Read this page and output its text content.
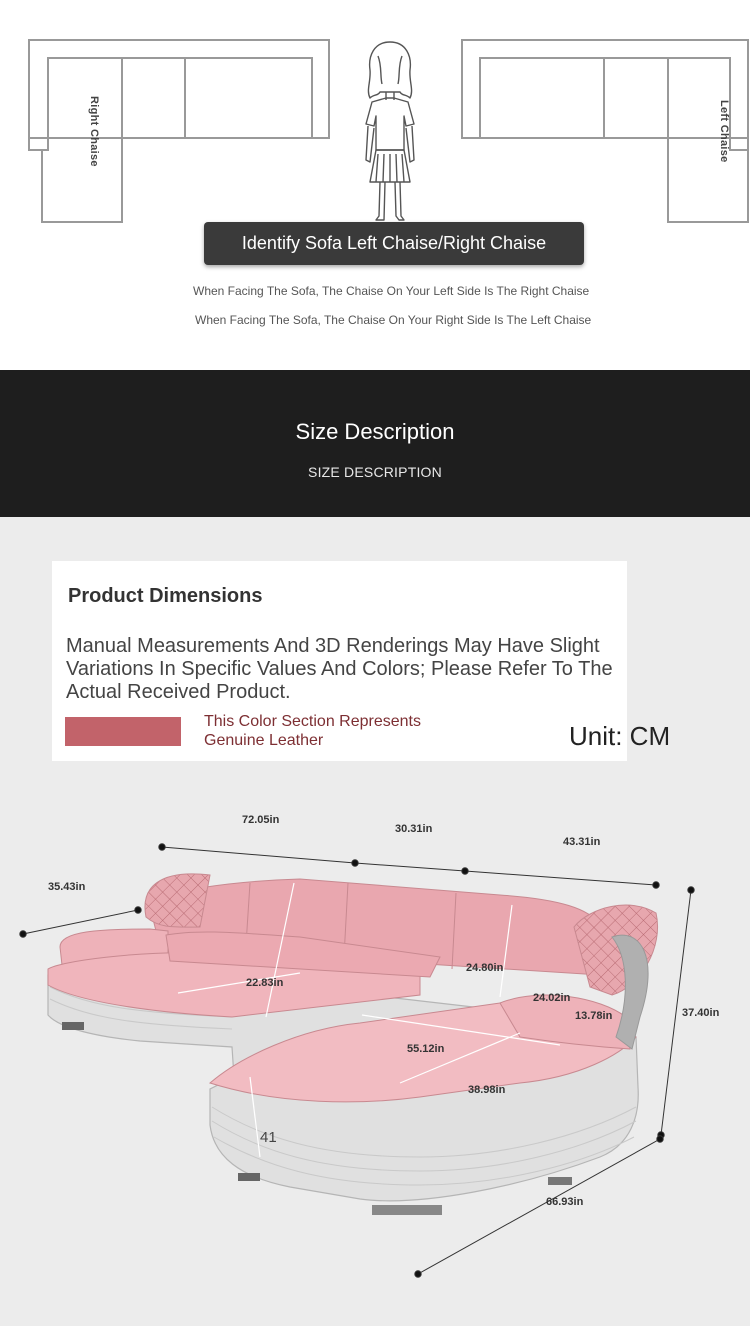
Right Chaise	Left Chaise
Identify Sofa Left Chaise/Right Chaise
When Facing The Sofa, The Chaise On Your Left Side Is The Right Chaise
When Facing The Sofa, The Chaise On Your Right Side Is The Left Chaise
Size Description
SIZE DESCRIPTION
Product Dimensions
Manual Measurements And 3D Renderings May Have Slight Variations In Specific Values And Colors; Please Refer To The Actual Received Product.
This Color Section Represents
Genuine Leather	Unit: CM
72.05in
30.31in
43.31in
35.43in
37.40in
22.83in
24.80in
24.02in
13.78in
55.12in
38.98in
41
66.93in
